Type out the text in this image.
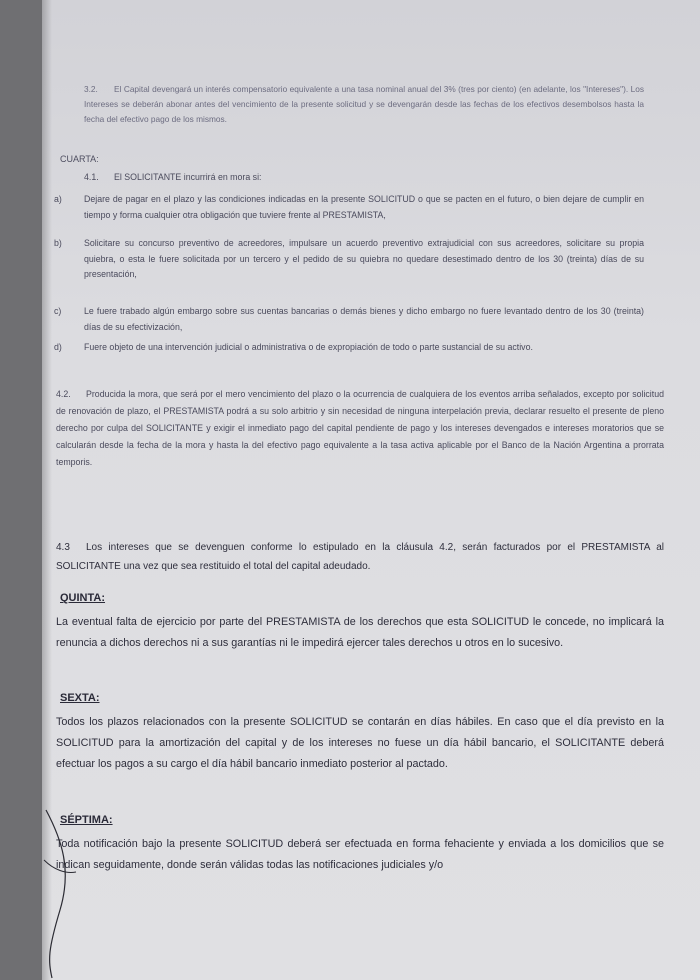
3.2. El Capital devengará un interés compensatorio equivalente a una tasa nominal anual del 3% (tres por ciento) (en adelante, los "Intereses"). Los Intereses se deberán abonar antes del vencimiento de la presente solicitud y se devengarán desde las fechas de los efectivos desembolsos hasta la fecha del efectivo pago de los mismos.
CUARTA:
4.1. El SOLICITANTE incurrirá en mora si:
a)	Dejare de pagar en el plazo y las condiciones indicadas en la presente SOLICITUD o que se pacten en el futuro, o bien dejare de cumplir en tiempo y forma cualquier otra obligación que tuviere frente al PRESTAMISTA,
b)	Solicitare su concurso preventivo de acreedores, impulsare un acuerdo preventivo extrajudicial con sus acreedores, solicitare su propia quiebra, o esta le fuere solicitada por un tercero y el pedido de su quiebra no quedare desestimado dentro de los 30 (treinta) días de su presentación,
c)	Le fuere trabado algún embargo sobre sus cuentas bancarias o demás bienes y dicho embargo no fuere levantado dentro de los 30 (treinta) días de su efectivización,
d)	Fuere objeto de una intervención judicial o administrativa o de expropiación de todo o parte sustancial de su activo.
4.2. Producida la mora, que será por el mero vencimiento del plazo o la ocurrencia de cualquiera de los eventos arriba señalados, excepto por solicitud de renovación de plazo, el PRESTAMISTA podrá a su solo arbitrio y sin necesidad de ninguna interpelación previa, declarar resuelto el presente de pleno derecho por culpa del SOLICITANTE y exigir el inmediato pago del capital pendiente de pago y los intereses devengados e intereses moratorios que se calcularán desde la fecha de la mora y hasta la del efectivo pago equivalente a la tasa activa aplicable por el Banco de la Nación Argentina a prorrata temporis.
4.3 Los intereses que se devenguen conforme lo estipulado en la cláusula 4.2, serán facturados por el PRESTAMISTA al SOLICITANTE una vez que sea restituido el total del capital adeudado.
QUINTA:
La eventual falta de ejercicio por parte del PRESTAMISTA de los derechos que esta SOLICITUD le concede, no implicará la renuncia a dichos derechos ni a sus garantías ni le impedirá ejercer tales derechos u otros en lo sucesivo.
SEXTA:
Todos los plazos relacionados con la presente SOLICITUD se contarán en días hábiles. En caso que el día previsto en la SOLICITUD para la amortización del capital y de los intereses no fuese un día hábil bancario, el SOLICITANTE deberá efectuar los pagos a su cargo el día hábil bancario inmediato posterior al pactado.
SÉPTIMA:
Toda notificación bajo la presente SOLICITUD deberá ser efectuada en forma fehaciente y enviada a los domicilios que se indican seguidamente, donde serán válidas todas las notificaciones judiciales y/o
